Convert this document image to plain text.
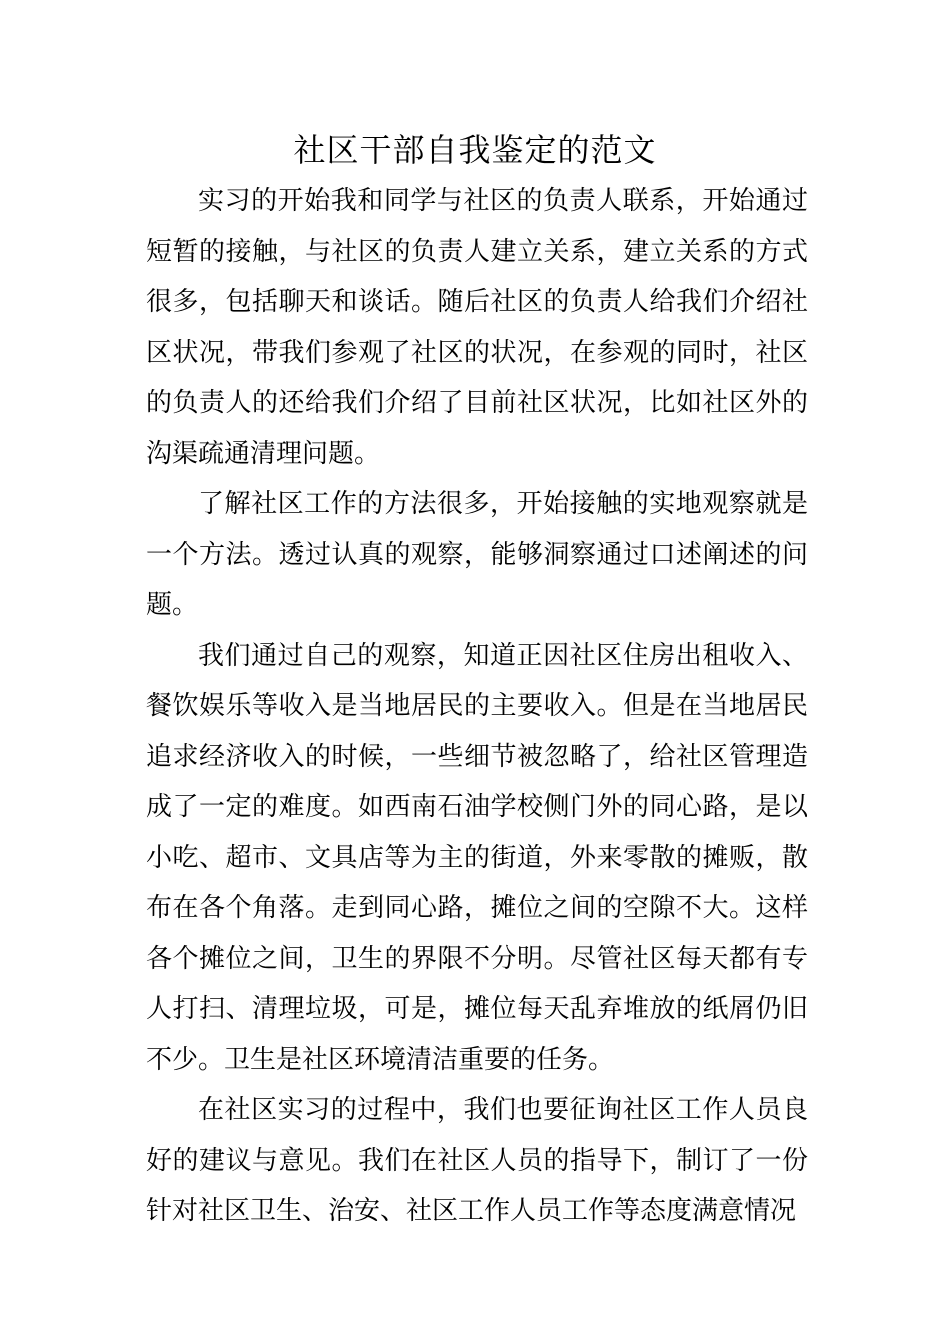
社区干部自我鉴定的范文

实习的开始我和同学与社区的负责人联系，开始通过短暂的接触，与社区的负责人建立关系，建立关系的方式很多，包括聊天和谈话。随后社区的负责人给我们介绍社区状况，带我们参观了社区的状况，在参观的同时，社区的负责人的还给我们介绍了目前社区状况，比如社区外的沟渠疏通清理问题。

了解社区工作的方法很多，开始接触的实地观察就是一个方法。透过认真的观察，能够洞察通过口述阐述的问题。

我们通过自己的观察，知道正因社区住房出租收入、餐饮娱乐等收入是当地居民的主要收入。但是在当地居民追求经济收入的时候，一些细节被忽略了，给社区管理造成了一定的难度。如西南石油学校侧门外的同心路，是以小吃、超市、文具店等为主的街道，外来零散的摊贩，散布在各个角落。走到同心路，摊位之间的空隙不大。这样各个摊位之间，卫生的界限不分明。尽管社区每天都有专人打扫、清理垃圾，可是，摊位每天乱弃堆放的纸屑仍旧不少。卫生是社区环境清洁重要的任务。

在社区实习的过程中，我们也要征询社区工作人员良好的建议与意见。我们在社区人员的指导下，制订了一份针对社区卫生、治安、社区工作人员工作等态度满意情况
